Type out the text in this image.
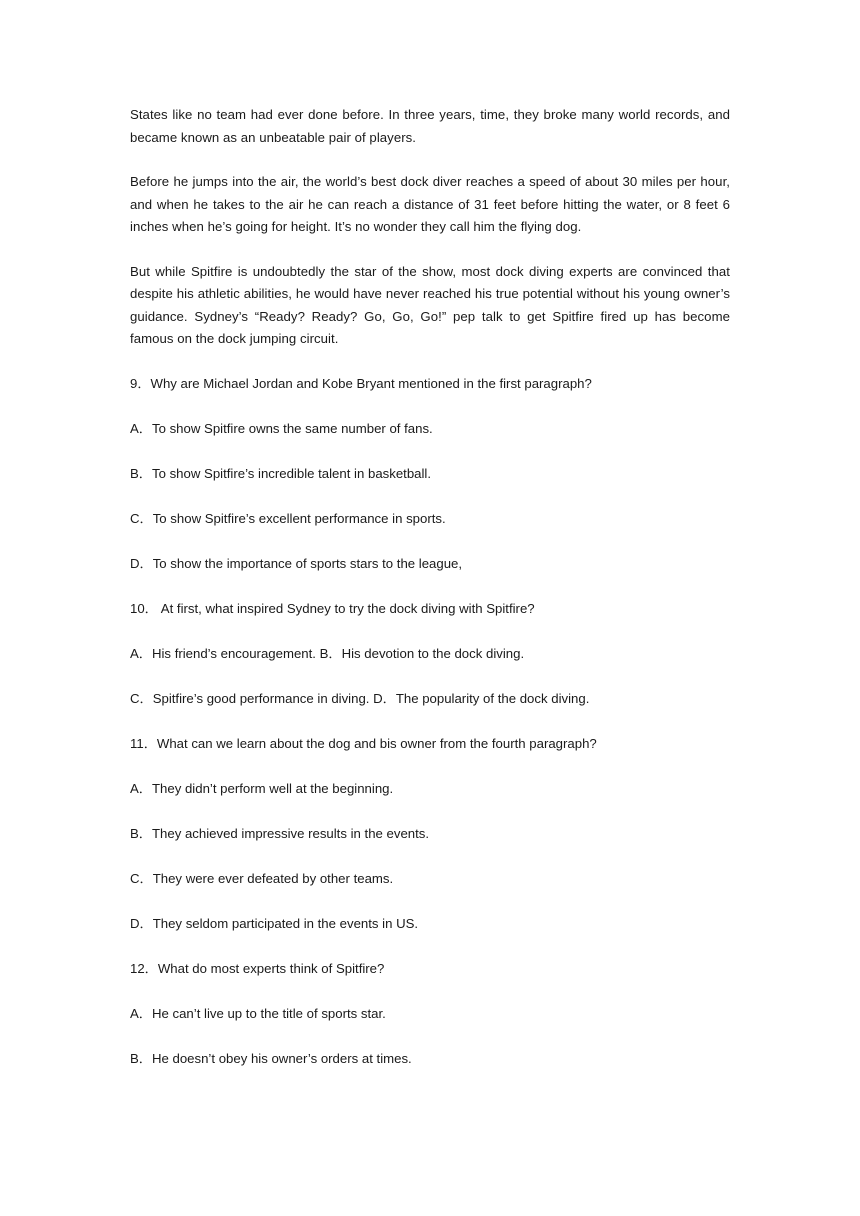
States like no team had ever done before. In three years, time, they broke many world records, and became known as an unbeatable pair of players.

Before he jumps into the air, the world’s best dock diver reaches a speed of about 30 miles per hour, and when he takes to the air he can reach a distance of 31 feet before hitting the water, or 8 feet 6 inches when he’s going for height. It’s no wonder they call him the flying dog.

But while Spitfire is undoubtedly the star of the show, most dock diving experts are convinced that despite his athletic abilities, he would have never reached his true potential without his young owner’s guidance. Sydney’s “Ready? Ready? Go, Go, Go!” pep talk to get Spitfire fired up has become famous on the dock jumping circuit.

9．Why are Michael Jordan and Kobe Bryant mentioned in the first paragraph?

A．To show Spitfire owns the same number of fans.

B．To show Spitfire’s incredible talent in basketball.

C．To show Spitfire’s excellent performance in sports.

D．To show the importance of sports stars to the league,

10． At first, what inspired Sydney to try the dock diving with Spitfire?

A．His friend’s encouragement. B．His devotion to the dock diving.

C．Spitfire’s good performance in diving. D．The popularity of the dock diving.

11．What can we learn about the dog and bis owner from the fourth paragraph?

A．They didn’t perform well at the beginning.

B．They achieved impressive results in the events.

C．They were ever defeated by other teams.

D．They seldom participated in the events in US.

12．What do most experts think of Spitfire?

A．He can’t live up to the title of sports star.

B．He doesn’t obey his owner’s orders at times.
